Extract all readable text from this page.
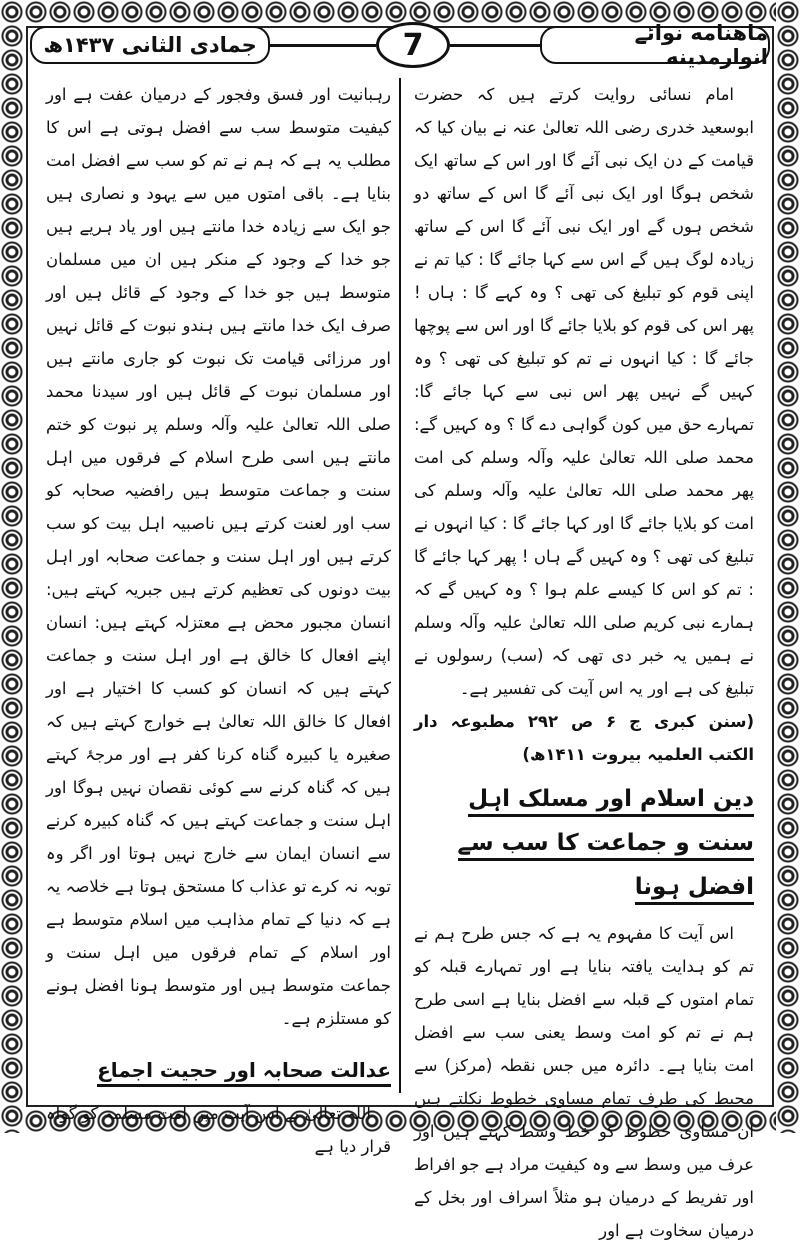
جمادی الثانی ۱۴۳۷ھ	7	ماهنامه نوائے انوارمدینه

امام نسائی روایت کرتے ہیں کہ حضرت ابوسعید خدری رضی اللہ تعالیٰ عنہ نے بیان کیا کہ قیامت کے دن ایک نبی آئے گا اور اس کے ساتھ ایک شخص ہوگا اور ایک نبی آئے گا اس کے ساتھ دو شخص ہوں گے اور ایک نبی آئے گا اس کے ساتھ زیادہ لوگ ہیں گے اس سے کہا جائے گا : کیا تم نے اپنی قوم کو تبلیغ کی تھی ؟ وہ کہے گا : ہاں ! پھر اس کی قوم کو بلایا جائے گا اور اس سے پوچھا جائے گا : کیا انہوں نے تم کو تبلیغ کی تھی ؟ وہ کہیں گے نہیں پھر اس نبی سے کہا جائے گا: تمہارے حق میں کون گواہی دے گا ؟ وہ کہیں گے: محمد صلی اللہ تعالیٰ علیہ وآلہ وسلم کی امت پھر محمد صلی اللہ تعالیٰ علیہ وآلہ وسلم کی امت کو بلایا جائے گا اور کہا جائے گا : کیا انہوں نے تبلیغ کی تھی ؟ وہ کہیں گے ہاں ! پھر کہا جائے گا : تم کو اس کا کیسے علم ہوا ؟ وہ کہیں گے کہ ہمارے نبی کریم صلی اللہ تعالیٰ علیہ وآلہ وسلم نے ہمیں یہ خبر دی تھی کہ (سب) رسولوں نے تبلیغ کی ہے اور یہ اس آیت کی تفسیر ہے۔

(سنن کبری ج ۶ ص ۲۹۲ مطبوعہ دار الکتب العلمیہ بیروت ۱۴۱۱ھ)

دین اسلام اور مسلک اہل سنت و جماعت کا سب سے افضل ہونا

اس آیت کا مفہوم یہ ہے کہ جس طرح ہم نے تم کو ہدایت یافتہ بنایا ہے اور تمہارے قبلہ کو تمام امتوں کے قبلہ سے افضل بنایا ہے اسی طرح ہم نے تم کو امت وسط یعنی سب سے افضل امت بنایا ہے۔ دائرہ میں جس نقطہ (مرکز) سے محیط کی طرف تمام مساوی خطوط نکلتے ہیں ان مساوی خطوط کو خط وسط کہتے ہیں اور عرف میں وسط سے وہ کیفیت مراد ہے جو افراط اور تفریط کے درمیان ہو مثلاً اسراف اور بخل کے درمیان سخاوت ہے اور

رہبانیت اور فسق وفجور کے درمیان عفت ہے اور کیفیت متوسط سب سے افضل ہوتی ہے اس کا مطلب یہ ہے کہ ہم نے تم کو سب سے افضل امت بنایا ہے۔ باقی امتوں میں سے یہود و نصاری ہیں جو ایک سے زیادہ خدا مانتے ہیں اور یاد ہریے ہیں جو خدا کے وجود کے منکر ہیں ان میں مسلمان متوسط ہیں جو خدا کے وجود کے قائل ہیں اور صرف ایک خدا مانتے ہیں ہندو نبوت کے قائل نہیں اور مرزائی قیامت تک نبوت کو جاری مانتے ہیں اور مسلمان نبوت کے قائل ہیں اور سیدنا محمد صلی اللہ تعالیٰ علیہ وآلہ وسلم پر نبوت کو ختم مانتے ہیں اسی طرح اسلام کے فرقوں میں اہل سنت و جماعت متوسط ہیں رافضیہ صحابہ کو سب اور لعنت کرتے ہیں ناصبیہ اہل بیت کو سب کرتے ہیں اور اہل سنت و جماعت صحابہ اور اہل بیت دونوں کی تعظیم کرتے ہیں جبریہ کہتے ہیں: انسان مجبور محض ہے معتزلہ کہتے ہیں: انسان اپنے افعال کا خالق ہے اور اہل سنت و جماعت کہتے ہیں کہ انسان کو کسب کا اختیار ہے اور افعال کا خالق اللہ تعالیٰ ہے خوارج کہتے ہیں کہ صغیرہ یا کبیرہ گناہ کرنا کفر ہے اور مرجۂ کہتے ہیں کہ گناہ کرنے سے کوئی نقصان نہیں ہوگا اور اہل سنت و جماعت کہتے ہیں کہ گناہ کبیرہ کرنے سے انسان ایمان سے خارج نہیں ہوتا اور اگر وہ توبہ نہ کرے تو عذاب کا مستحق ہوتا ہے خلاصہ یہ ہے کہ دنیا کے تمام مذاہب میں اسلام متوسط ہے اور اسلام کے تمام فرقوں میں اہل سنت و جماعت متوسط ہیں اور متوسط ہونا افضل ہونے کو مستلزم ہے۔

عدالت صحابہ اور حجیت اجماع

اللہ تعالیٰ نے اس آیت میں امت مسلمہ کو گواہ قرار دیا ہے
